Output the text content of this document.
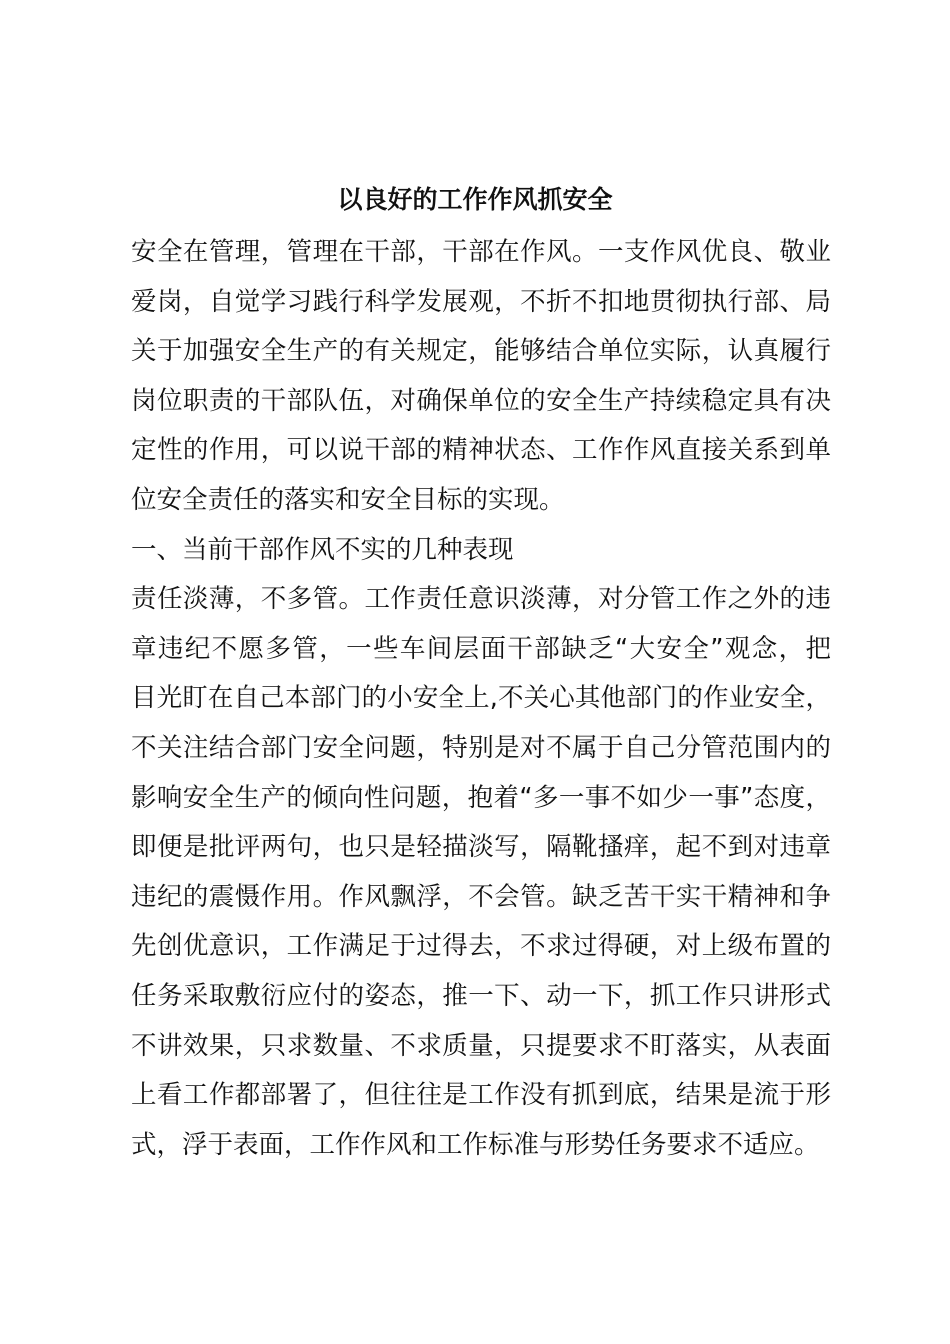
以良好的工作作风抓安全
安全在管理，管理在干部，干部在作风。一支作风优良、敬业
爱岗，自觉学习践行科学发展观，不折不扣地贯彻执行部、局
关于加强安全生产的有关规定，能够结合单位实际，认真履行
岗位职责的干部队伍，对确保单位的安全生产持续稳定具有决
定性的作用，可以说干部的精神状态、工作作风直接关系到单
位安全责任的落实和安全目标的实现。
一、当前干部作风不实的几种表现
责任淡薄，不多管。工作责任意识淡薄，对分管工作之外的违
章违纪不愿多管，一些车间层面干部缺乏“大安全”观念，把
目光盯在自己本部门的小安全上,不关心其他部门的作业安全，
不关注结合部门安全问题，特别是对不属于自己分管范围内的
影响安全生产的倾向性问题，抱着“多一事不如少一事”态度，
即便是批评两句，也只是轻描淡写，隔靴搔痒，起不到对违章
违纪的震慑作用。作风飘浮，不会管。缺乏苦干实干精神和争
先创优意识，工作满足于过得去，不求过得硬，对上级布置的
任务采取敷衍应付的姿态，推一下、动一下，抓工作只讲形式
不讲效果，只求数量、不求质量，只提要求不盯落实，从表面
上看工作都部署了，但往往是工作没有抓到底，结果是流于形
式，浮于表面，工作作风和工作标准与形势任务要求不适应。
